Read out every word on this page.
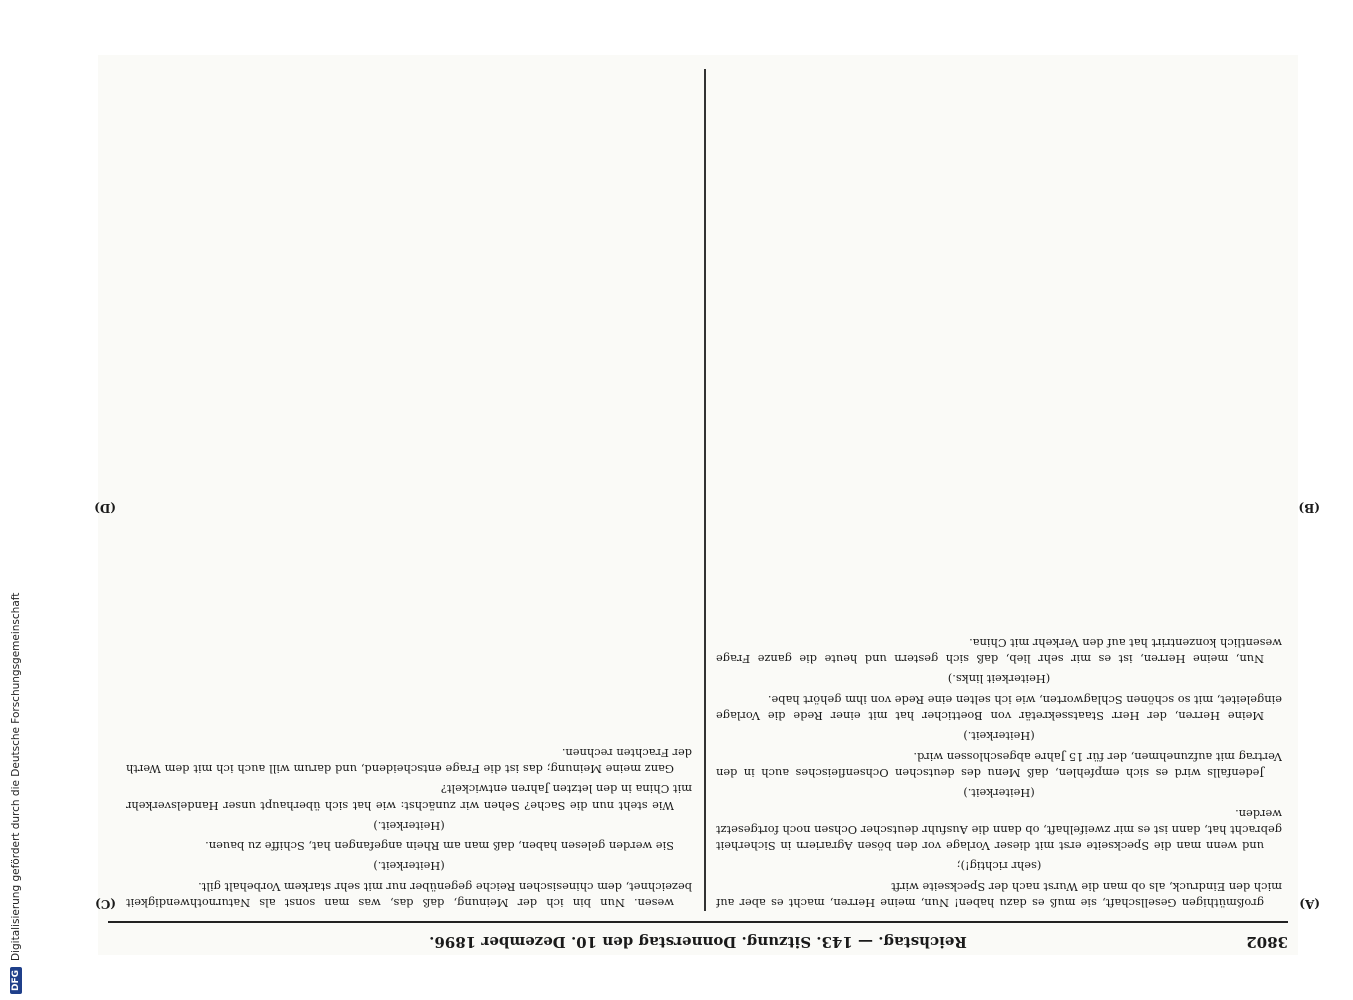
3802
Reichstag. — 143. Sitzung. Donnerstag den 10. Dezember 1896.
(A)
(B)
(C)
(D)

großmüthigen Gesellschaft, sie muß es dazu haben! Nun, meine Herren, macht es aber auf mich den Eindruck, als ob man die Wurst nach der Speckseite wirft

(sehr richtig!);

und wenn man die Speckseite erst mit dieser Vorlage vor den bösen Agrariern in Sicherheit gebracht hat, dann ist es mir zweifelhaft, ob dann die Ausfuhr deutscher Ochsen noch fortgesetzt werden.

(Heiterkeit.)

Jedenfalls wird es sich empfehlen, daß Menu des deutschen Ochsenfleisches auch in den Vertrag mit aufzunehmen, der für 15 Jahre abgeschlossen wird.

(Heiterkeit.)

Meine Herren, der Herr Staatssekretär von Boetticher hat mit einer Rede die Vorlage eingeleitet, mit so schönen Schlagworten, wie ich selten eine Rede von ihm gehört habe.

(Heiterkeit links.)

Nun, meine Herren, ist es mir sehr lieb, daß sich gestern und heute die ganze Frage wesentlich konzentrirt hat auf den Verkehr mit China.

wesen. Nun bin ich der Meinung, daß das, was man sonst als Naturnothwendigkeit bezeichnet, dem chinesischen Reiche gegenüber nur mit sehr starkem Vorbehalt gilt.

(Heiterkeit.)

Sie werden gelesen haben, daß man am Rhein angefangen hat, Schiffe zu bauen.

(Heiterkeit.)

Wie steht nun die Sache? Sehen wir zunächst: wie hat sich überhaupt unser Handelsverkehr mit China in den letzten Jahren entwickelt?

Ganz meine Meinung; das ist die Frage entscheidend, und darum will auch ich mit dem Werth der Frachten rechnen.

DFG
Digitalisierung gefördert durch die Deutsche Forschungsgemeinschaft
